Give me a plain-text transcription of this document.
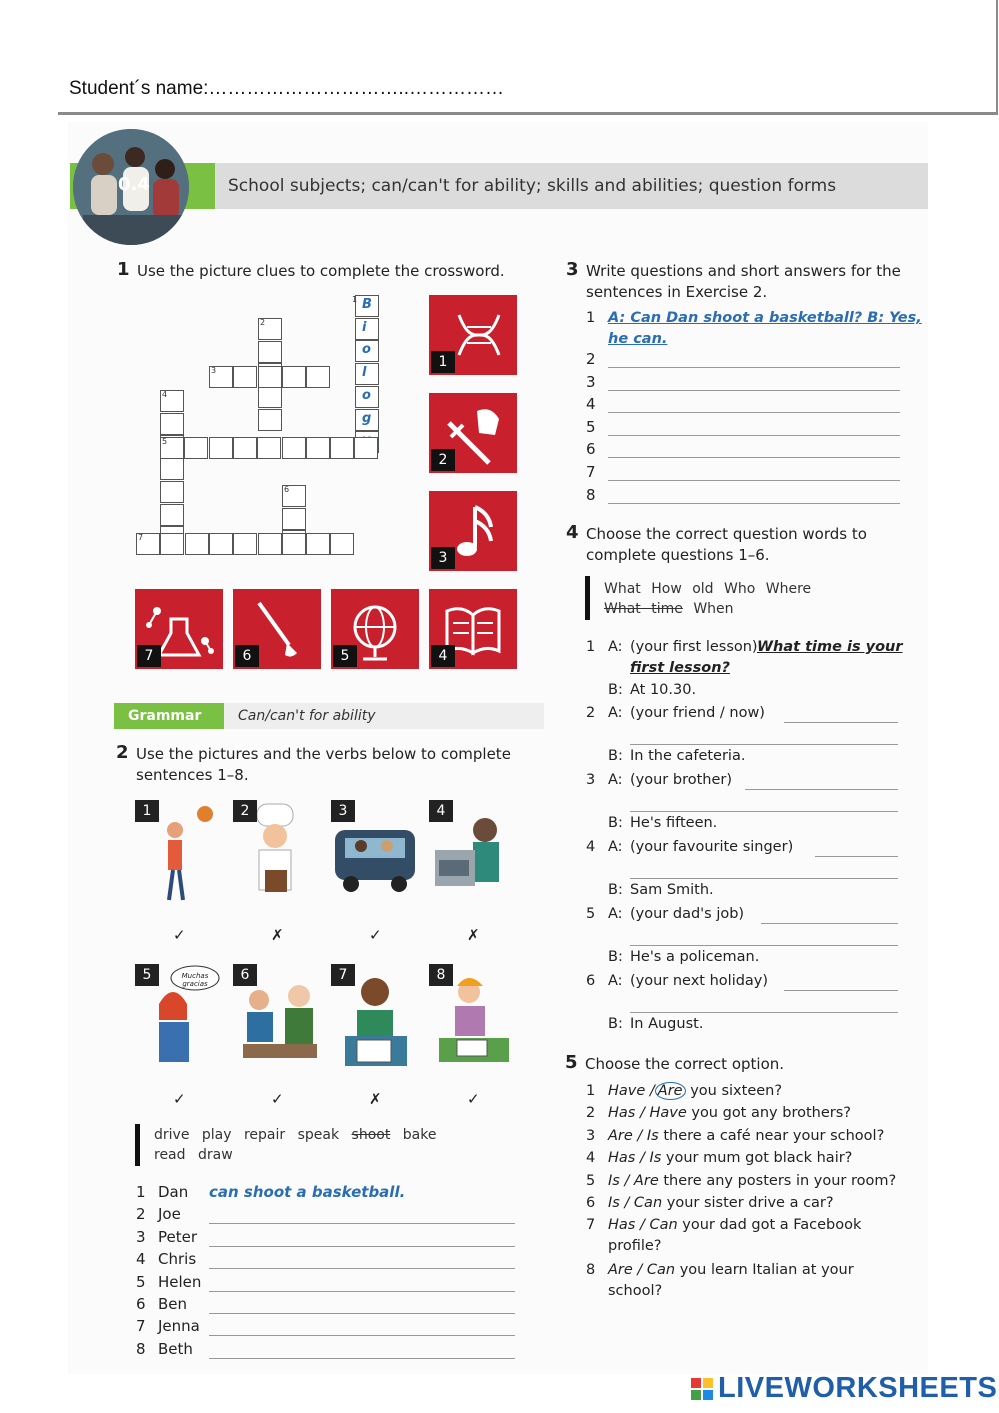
Student´s name:…………………………..……………
0.4	School subjects; can/can't for ability; skills and abilities; question forms
1 Use the picture clues to complete the crossword.
B
i
o
l
o
g
1
2
3
4
5
6
7
1
2
3
4
5
6
7
Grammar	Can/can't for ability
2 Use the pictures and the verbs below to complete sentences 1–8.
1
✓
2
✗
3
✓
4
✗
Muchas gracias
5
✓
6
✓
7
✗
8
✓
drive play repair speak shoot bake
read draw
1 Dan can shoot a basketball.
2 Joe
3 Peter
4 Chris
5 Helen
6 Ben
7 Jenna
8 Beth
3 Write questions and short answers for the sentences in Exercise 2.
1 A: Can Dan shoot a basketball? B: Yes,
he can.
2
3
4
5
6
7
8
4 Choose the correct question words to complete questions 1–6.
What How old Who Where
What time When
1 A: (your first lesson) What time is your
first lesson?
B: At 10.30.
2 A: (your friend / now)
B: In the cafeteria.
3 A: (your brother)
B: He's fifteen.
4 A: (your favourite singer)
B: Sam Smith.
5 A: (your dad's job)
B: He's a policeman.
6 A: (your next holiday)
B: In August.
5 Choose the correct option.
1 Have / Are you sixteen?
2 Has / Have you got any brothers?
3 Are / Is there a café near your school?
4 Has / Is your mum got black hair?
5 Is / Are there any posters in your room?
6 Is / Can your sister drive a car?
7 Has / Can your dad got a Facebook
profile?
8 Are / Can you learn Italian at your
school?
LIVEWORKSHEETS
